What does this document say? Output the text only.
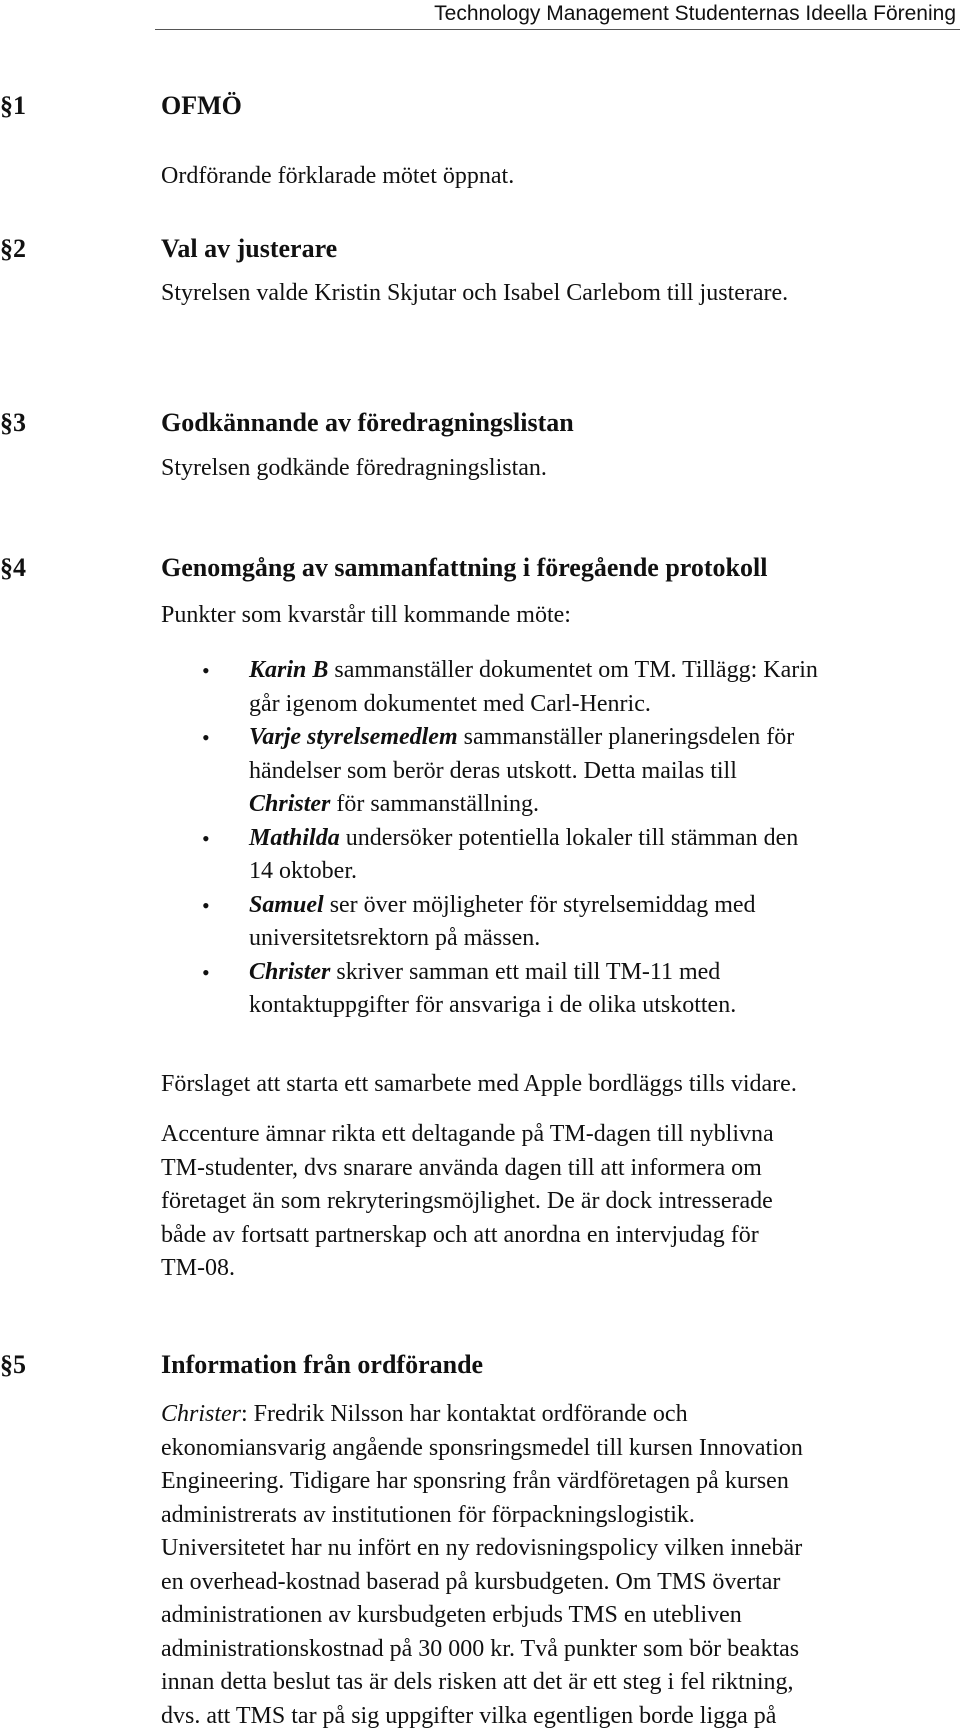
Technology Management Studenternas Ideella Förening
§1	OFMÖ
Ordförande förklarade mötet öppnat.
§2	Val av justerare
Styrelsen valde Kristin Skjutar och Isabel Carlebom till justerare.
§3	Godkännande av föredragningslistan
Styrelsen godkände föredragningslistan.
§4	Genomgång av sammanfattning i föregående protokoll
Punkter som kvarstår till kommande möte:
• Karin B sammanställer dokumentet om TM. Tillägg: Karin
går igenom dokumentet med Carl-Henric.
• Varje styrelsemedlem sammanställer planeringsdelen för
händelser som berör deras utskott. Detta mailas till
Christer för sammanställning.
• Mathilda undersöker potentiella lokaler till stämman den
14 oktober.
• Samuel ser över möjligheter för styrelsemiddag med
universitetsrektorn på mässen.
• Christer skriver samman ett mail till TM-11 med
kontaktuppgifter för ansvariga i de olika utskotten.
Förslaget att starta ett samarbete med Apple bordläggs tills vidare.
Accenture ämnar rikta ett deltagande på TM-dagen till nyblivna
TM-studenter, dvs snarare använda dagen till att informera om
företaget än som rekryteringsmöjlighet. De är dock intresserade
både av fortsatt partnerskap och att anordna en intervjudag för
TM-08.
§5	Information från ordförande
Christer: Fredrik Nilsson har kontaktat ordförande och
ekonomiansvarig angående sponsringsmedel till kursen Innovation
Engineering. Tidigare har sponsring från värdföretagen på kursen
administrerats av institutionen för förpackningslogistik.
Universitetet har nu infört en ny redovisningspolicy vilken innebär
en overhead-kostnad baserad på kursbudgeten. Om TMS övertar
administrationen av kursbudgeten erbjuds TMS en utebliven
administrationskostnad på 30 000 kr. Två punkter som bör beaktas
innan detta beslut tas är dels risken att det är ett steg i fel riktning,
dvs. att TMS tar på sig uppgifter vilka egentligen borde ligga på
